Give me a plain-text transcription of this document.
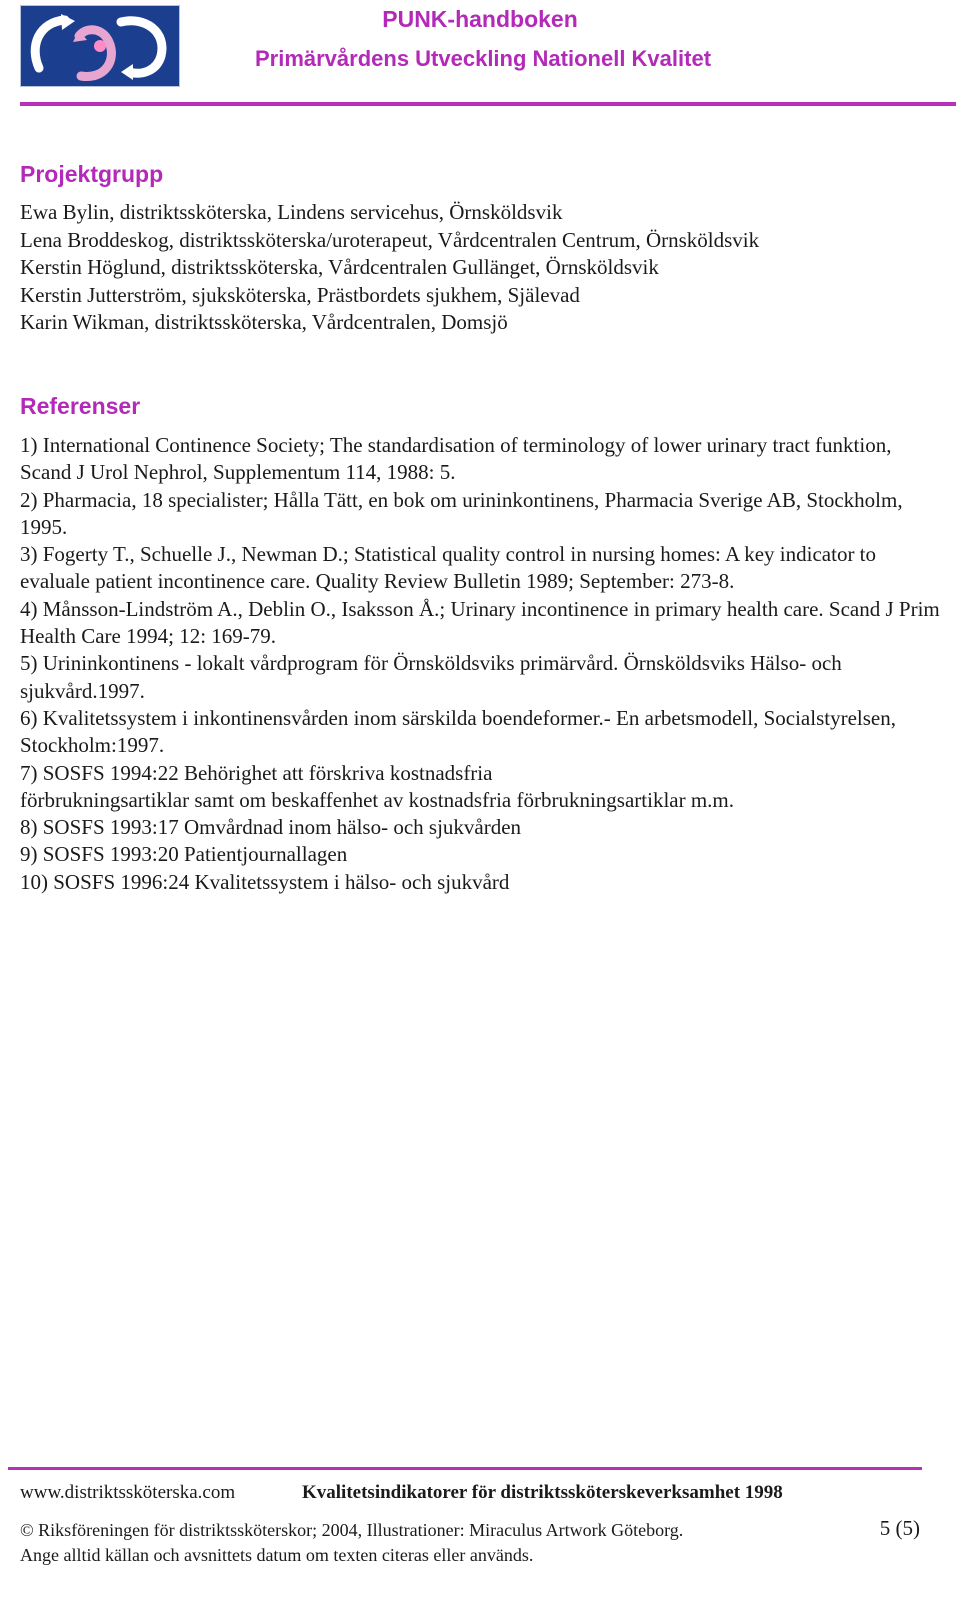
PUNK-handboken
Primärvårdens Utveckling Nationell Kvalitet
Projektgrupp
Ewa Bylin, distriktssköterska, Lindens servicehus, Örnsköldsvik
Lena Broddeskog, distriktssköterska/uroterapeut, Vårdcentralen Centrum, Örnsköldsvik
Kerstin Höglund, distriktssköterska, Vårdcentralen Gullänget, Örnsköldsvik
Kerstin Jutterström, sjuksköterska, Prästbordets sjukhem, Själevad
Karin Wikman, distriktssköterska, Vårdcentralen, Domsjö
Referenser
1) International Continence Society; The standardisation of terminology of lower urinary tract funktion, Scand J Urol Nephrol, Supplementum 114, 1988: 5.
2) Pharmacia, 18 specialister; Hålla Tätt, en bok om urininkontinens, Pharmacia Sverige AB, Stockholm, 1995.
3) Fogerty T., Schuelle J., Newman D.; Statistical quality control in nursing homes: A key indicator to evaluale patient incontinence care. Quality Review Bulletin 1989; September: 273-8.
4) Månsson-Lindström A., Deblin O., Isaksson Å.; Urinary incontinence in primary health care. Scand J Prim Health Care 1994; 12: 169-79.
5) Urininkontinens - lokalt vårdprogram för Örnsköldsviks primärvård. Örnsköldsviks Hälso- och sjukvård.1997.
6) Kvalitetssystem i inkontinensvården inom särskilda boendeformer.- En arbetsmodell, Socialstyrelsen, Stockholm:1997.
7) SOSFS 1994:22 Behörighet att förskriva kostnadsfria
förbrukningsartiklar samt om beskaffenhet av kostnadsfria förbrukningsartiklar m.m.
8) SOSFS 1993:17 Omvårdnad inom hälso- och sjukvården
9) SOSFS 1993:20 Patientjournallagen
10) SOSFS 1996:24 Kvalitetssystem i hälso- och sjukvård
www.distriktssköterska.com	Kvalitetsindikatorer för distriktssköterskeverksamhet 1998
© Riksföreningen för distriktssköterskor; 2004, Illustrationer: Miraculus Artwork Göteborg.
Ange alltid källan och avsnittets datum om texten citeras eller används.
5 (5)
